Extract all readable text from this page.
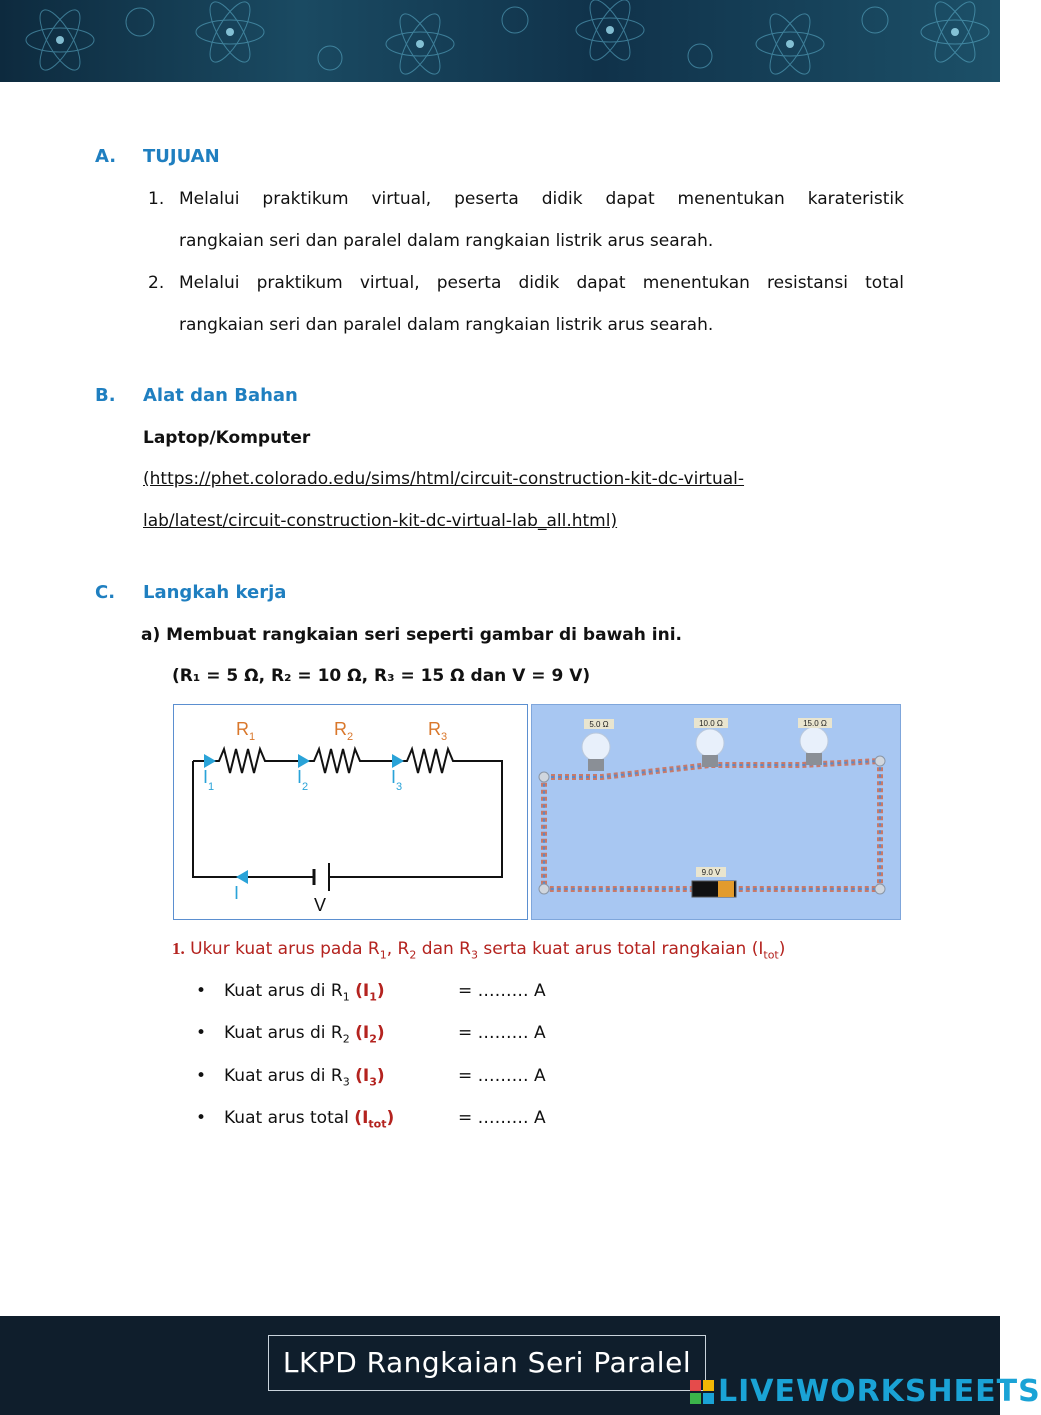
A. TUJUAN
1. Melalui praktikum virtual, peserta didik dapat menentukan karateristik
rangkaian seri dan paralel dalam rangkaian listrik arus searah.
2. Melalui praktikum virtual, peserta didik dapat menentukan resistansi total
rangkaian seri dan paralel dalam rangkaian listrik arus searah.
B. Alat dan Bahan
Laptop/Komputer
(https://phet.colorado.edu/sims/html/circuit-construction-kit-dc-virtual-
lab/latest/circuit-construction-kit-dc-virtual-lab_all.html)
C. Langkah kerja
a) Membuat rangkaian seri seperti gambar di bawah ini.
(R₁ = 5 Ω, R₂ = 10 Ω, R₃ = 15 Ω dan V = 9 V)
$R_1$	$R_2$	$R_3$
$I_1$	$I_2$	$I_3$
I
V
5.0 Ω	10.0 Ω	15.0 Ω
9.0 V
1. Ukur kuat arus pada $R_1$, $R_2$ dan $R_3$ serta kuat arus total rangkaian $(I_{tot})$
• Kuat arus di $R_1$ $(I_1)$	= ……… A
• Kuat arus di $R_2$ $(I_2)$	= ……… A
• Kuat arus di $R_3$ $(I_3)$	= ……… A
• Kuat arus total $(I_{tot})$	= ……… A
LKPD Rangkaian Seri Paralel
LIVEWORKSHEETS
